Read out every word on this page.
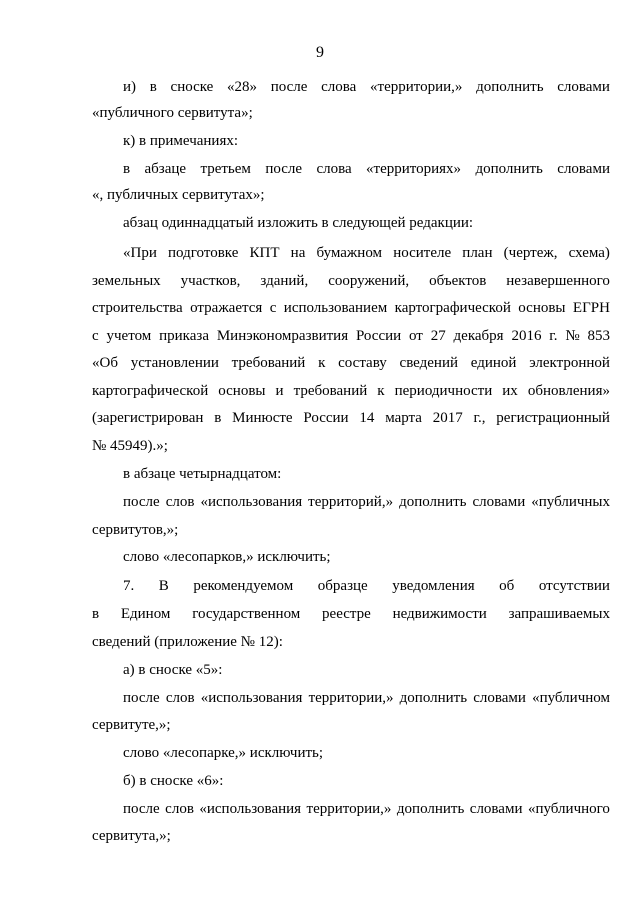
9
и) в сноске «28» после слова «территории,» дополнить словами
«публичного сервитута»;
к) в примечаниях:
в абзаце третьем после слова «территориях» дополнить словами
«, публичных сервитутах»;
абзац одиннадцатый изложить в следующей редакции:
«При подготовке КПТ на бумажном носителе план (чертеж, схема)
земельных участков, зданий, сооружений, объектов незавершенного
строительства отражается с использованием картографической основы ЕГРН
с учетом приказа Минэкономразвития России от 27 декабря 2016 г. № 853
«Об установлении требований к составу сведений единой электронной
картографической основы и требований к периодичности их обновления»
(зарегистрирован в Минюсте России 14 марта 2017 г., регистрационный
№ 45949).»;
в абзаце четырнадцатом:
после слов «использования территорий,» дополнить словами «публичных
сервитутов,»;
слово «лесопарков,» исключить;
7. В рекомендуемом образце уведомления об отсутствии
в Едином государственном реестре недвижимости запрашиваемых
сведений (приложение № 12):
а) в сноске «5»:
после слов «использования территории,» дополнить словами «публичном
сервитуте,»;
слово «лесопарке,» исключить;
б) в сноске «6»:
после слов «использования территории,» дополнить словами «публичного
сервитута,»;
